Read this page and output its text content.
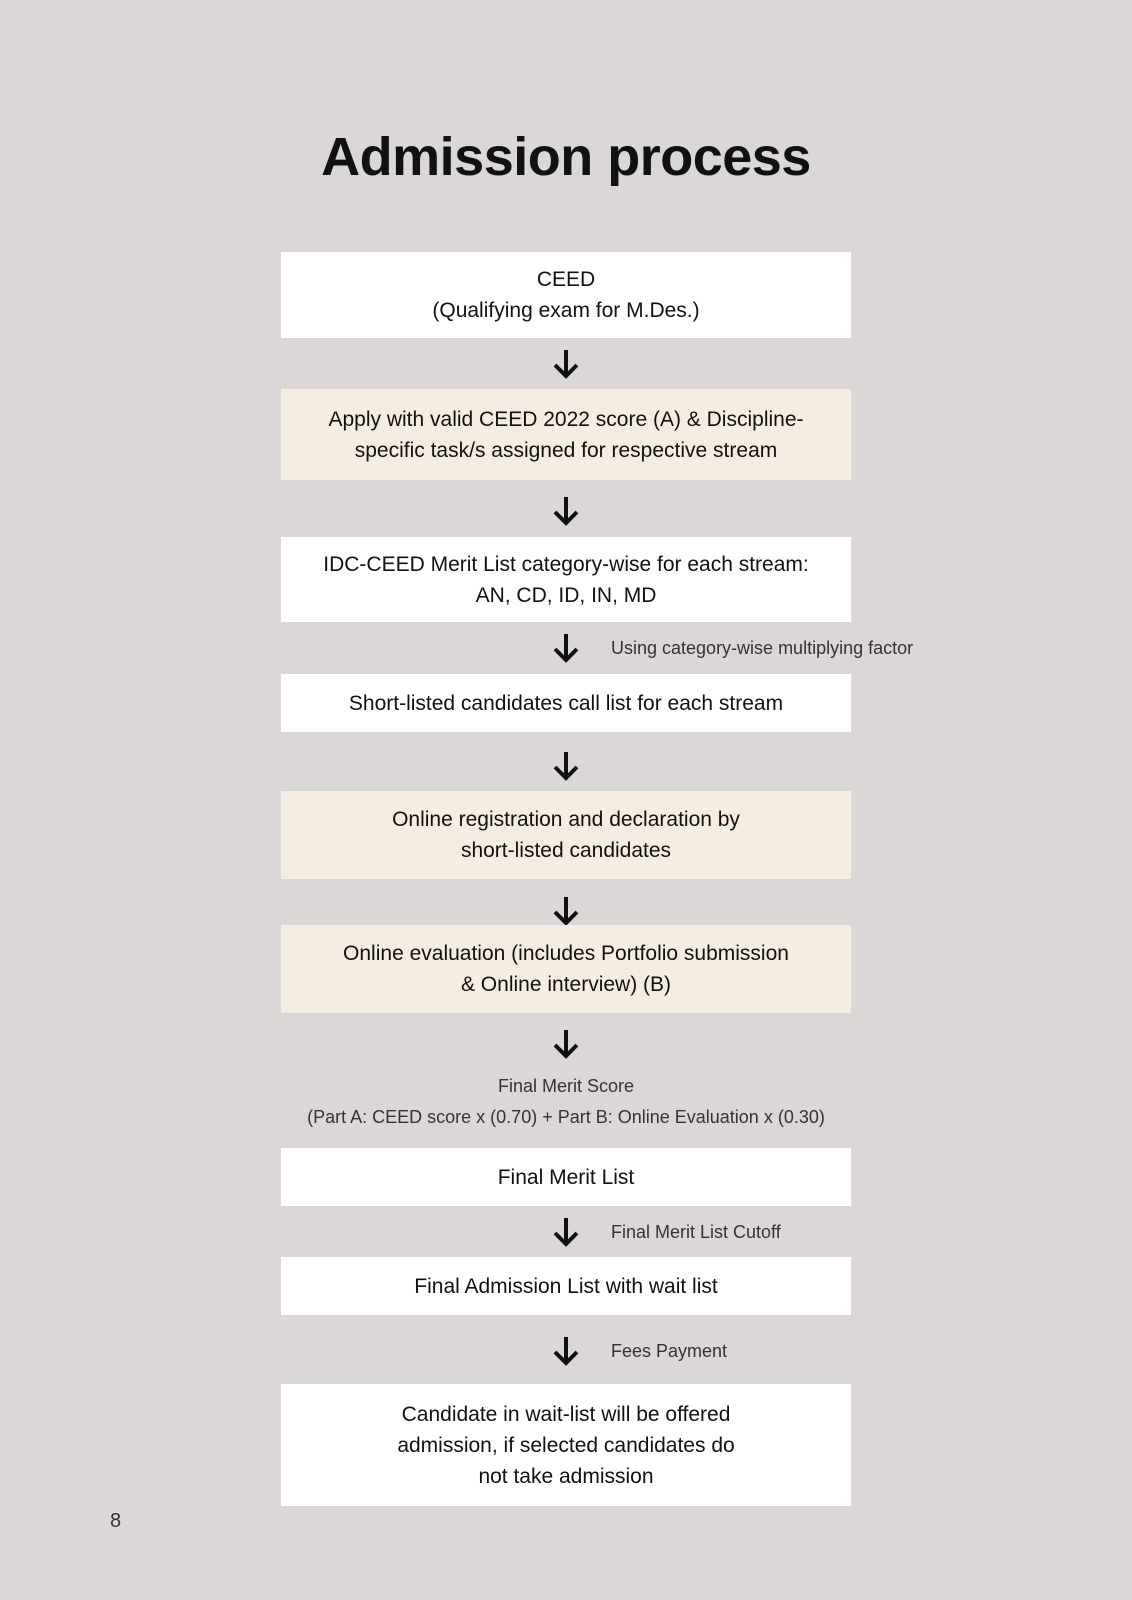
Admission process
CEED
(Qualifying exam for M.Des.)
Apply with valid CEED 2022 score (A) & Discipline-
specific task/s assigned for respective stream
IDC-CEED Merit List category-wise for each stream:
AN, CD, ID, IN, MD
Using category-wise multiplying factor
Short-listed candidates call list for each stream
Online registration and declaration by
short-listed candidates
Online evaluation (includes Portfolio submission
& Online interview) (B)
Final Merit Score
(Part A: CEED score x (0.70) + Part B: Online Evaluation x (0.30)
Final Merit List
Final Merit List Cutoff
Final Admission List with wait list
Fees Payment
Candidate in wait-list will be offered
admission, if selected candidates do
not take admission
8
